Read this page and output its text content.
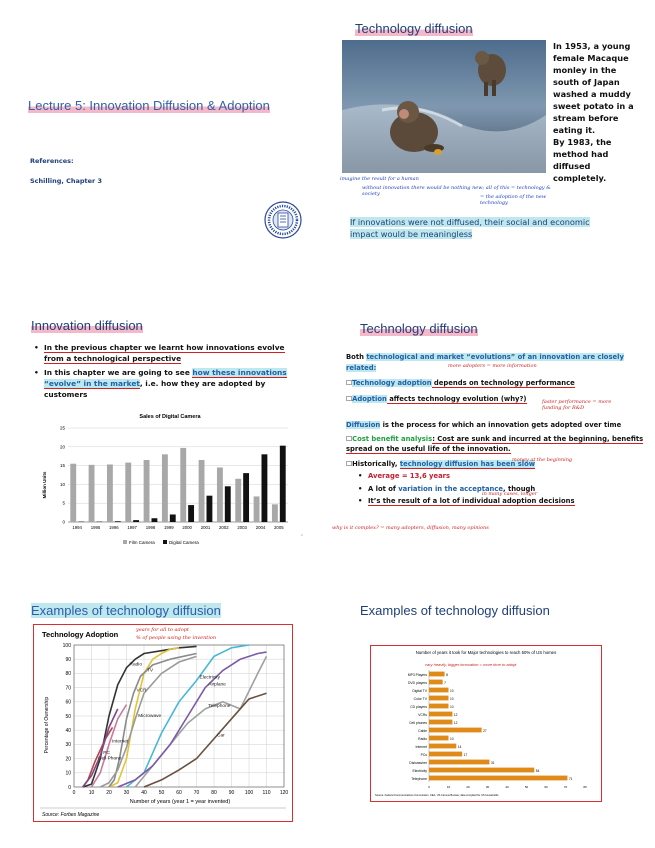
Lecture 5: Innovation Diffusion & Adoption
References:
Schilling, Chapter 3
Technology diffusion
In 1953, a young
female Macaque
monley in the
south of Japan
washed a muddy
sweet potato in a
stream before
eating it.
By 1983, the
method had
diffused
completely.
imagine the result for a human
without innovation there would be nothing new; all of this = technology & society	= the adoption of the new technology
If innovations were not diffused, their social and economic impact would be meaningless
Innovation diffusion
• In the previous chapter we learnt how innovations evolve from a technological perspective
• In this chapter we are going to see how these innovations “evolve” in the market, i.e. how they are adopted by customers
Sales of Digital Camera
Million Units
0
5
10
15
20
25
1994 1995 1996 1997 1998 1999 2000 2001 2002 2003 2004 2005
Film Camera	Digital Camera
1
Technology diffusion
Both technological and market “evolutions” of an innovation are closely related:
☐Technology adoption depends on technology performance
☐Adoption affects technology evolution (why?)
Diffusion is the process for which an innovation gets adopted over time
☐Cost benefit analysis: Cost are sunk and incurred at the beginning, benefits spread on the useful life of the innovation.
☐Historically, technology diffusion has been slow
• Average = 13,6 years
• A lot of variation in the acceptance, though
• It’s the result of a lot of individual adoption decisions
more adopters = more information
faster performance = more funding for R&D
money at the beginning
in many cases, longer
why is it complex? = many adopters, diffusion, many opinions
Examples of technology diffusion
Technology Adoption
Percentage of Ownership
Number of years (year 1 = year invented)
Source: Forbes Magazine
0
10
20
30
40
50
60
70
80
90
100
0	10 20 30 40 50 60 70 80 90 100 110 120
Radio
TV
VCR
Microwave
Internet
Cell Phone
PC
Electricity
Telephone
Airplane
Car
years for all to adopt
% of people using the invention
Examples of technology diffusion
Number of years it took for Major technologies to reach 50% of US homes
vary heavily, bigger innovation = more time to adopt
0	10	20	30	40	50	60	70	80
MP3 Players	8
DVD players	7
Digital TV	10
Color TV	10
CD players	10
VCRs	12
Cell phones	12
Cable	27
Radio	10
Internet	14
PCs	17
Dishwasher	31
Electricity	54
Telephone	71
Source: Federal Communications Commission, CEA, US Census Bureau; data compiled for US households
